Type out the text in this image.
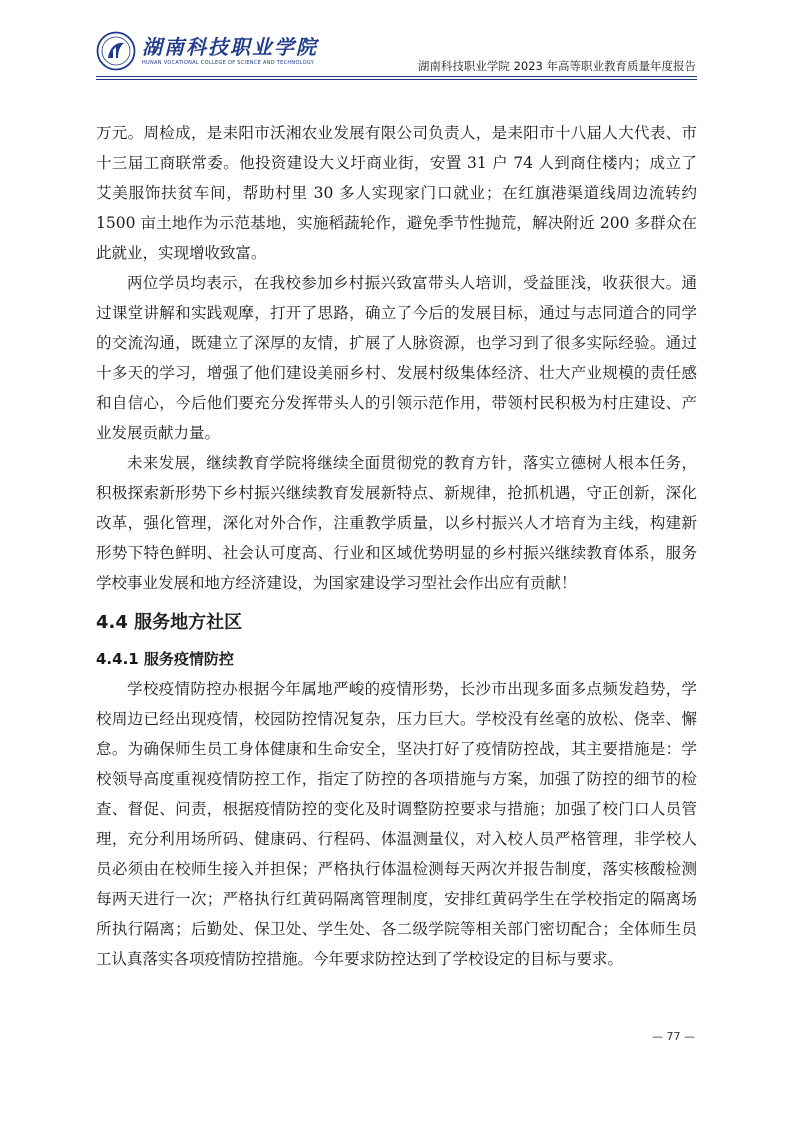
湖南科技职业学院
HUNAN VOCATIONAL COLLEGE OF SCIENCE AND TECHNOLOGY	湖南科技职业学院 2023 年高等职业教育质量年度报告

万元。周检成，是耒阳市沃湘农业发展有限公司负责人，是耒阳市十八届人大代表、市十三届工商联常委。他投资建设大义圩商业街，安置 31 户 74 人到商住楼内；成立了艾美服饰扶贫车间，帮助村里 30 多人实现家门口就业；在红旗港渠道线周边流转约 1500 亩土地作为示范基地，实施稻蔬轮作，避免季节性抛荒，解决附近 200 多群众在此就业，实现增收致富。

两位学员均表示，在我校参加乡村振兴致富带头人培训，受益匪浅，收获很大。通过课堂讲解和实践观摩，打开了思路，确立了今后的发展目标，通过与志同道合的同学的交流沟通，既建立了深厚的友情，扩展了人脉资源，也学习到了很多实际经验。通过十多天的学习，增强了他们建设美丽乡村、发展村级集体经济、壮大产业规模的责任感和自信心，今后他们要充分发挥带头人的引领示范作用，带领村民积极为村庄建设、产业发展贡献力量。

未来发展，继续教育学院将继续全面贯彻党的教育方针，落实立德树人根本任务，积极探索新形势下乡村振兴继续教育发展新特点、新规律，抢抓机遇，守正创新，深化改革，强化管理，深化对外合作，注重教学质量，以乡村振兴人才培育为主线，构建新形势下特色鲜明、社会认可度高、行业和区域优势明显的乡村振兴继续教育体系，服务学校事业发展和地方经济建设，为国家建设学习型社会作出应有贡献！

4.4 服务地方社区
4.4.1 服务疫情防控

学校疫情防控办根据今年属地严峻的疫情形势，长沙市出现多面多点频发趋势，学校周边已经出现疫情，校园防控情况复杂，压力巨大。学校没有丝毫的放松、侥幸、懈怠。为确保师生员工身体健康和生命安全，坚决打好了疫情防控战，其主要措施是：学校领导高度重视疫情防控工作，指定了防控的各项措施与方案，加强了防控的细节的检查、督促、问责，根据疫情防控的变化及时调整防控要求与措施；加强了校门口人员管理，充分利用场所码、健康码、行程码、体温测量仪，对入校人员严格管理，非学校人员必须由在校师生接入并担保；严格执行体温检测每天两次并报告制度，落实核酸检测每两天进行一次；严格执行红黄码隔离管理制度，安排红黄码学生在学校指定的隔离场所执行隔离；后勤处、保卫处、学生处、各二级学院等相关部门密切配合；全体师生员工认真落实各项疫情防控措施。今年要求防控达到了学校设定的目标与要求。

— 77 —
